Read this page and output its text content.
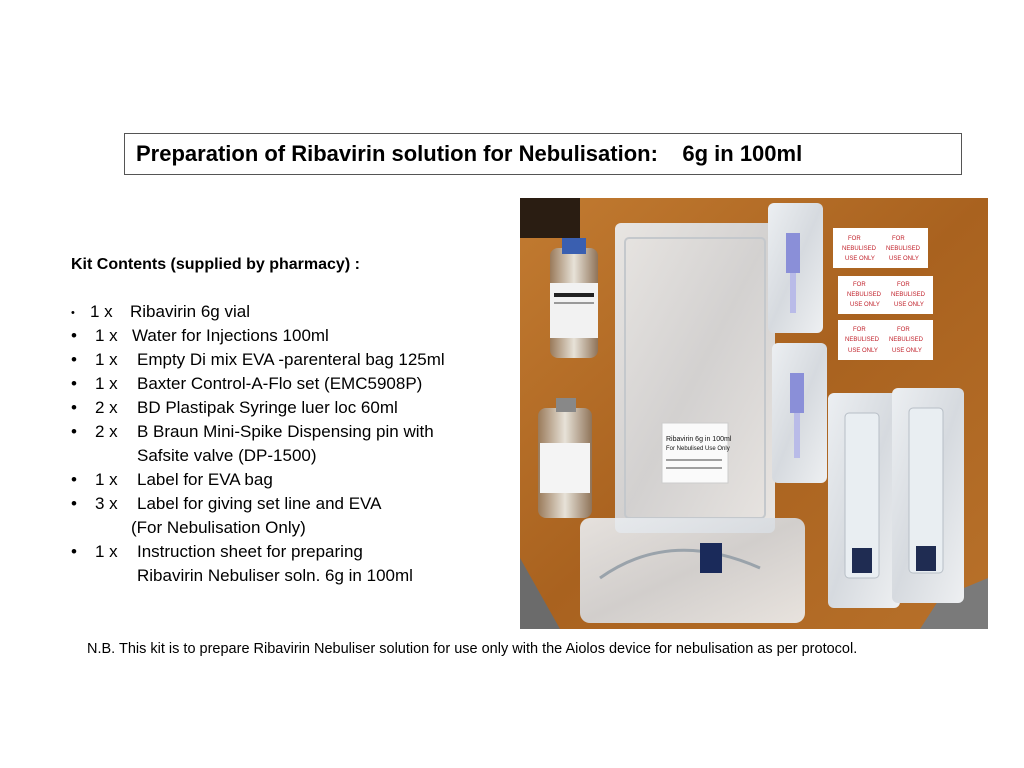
Preparation of Ribavirin solution for Nebulisation:    6g in 100ml
Kit Contents (supplied by pharmacy) :
• 1 x Ribavirin 6g vial
• 1 x Water for Injections 100ml
• 1 x Empty Di mix EVA -parenteral bag 125ml
• 1 x Baxter Control-A-Flo set (EMC5908P)
• 2 x BD Plastipak Syringe luer loc 60ml
• 2 x B Braun Mini-Spike Dispensing pin with
Safsite valve (DP-1500)
• 1 x Label for EVA bag
• 3 x Label for giving set line and EVA
(For Nebulisation Only)
• 1 x Instruction sheet for preparing
Ribavirin Nebuliser soln. 6g in 100ml
Ribavirin 6g in 100ml
For Nebulised Use Only
FOR
NEBULISED
USE ONLY
FOR
NEBULISED
USE ONLY
FOR
NEBULISED
USE ONLY
FOR
NEBULISED
USE ONLY
FOR
NEBULISED
USE ONLY
FOR
NEBULISED
USE ONLY
N.B. This kit is to prepare Ribavirin Nebuliser solution for use only with the Aiolos device for nebulisation as per protocol.
